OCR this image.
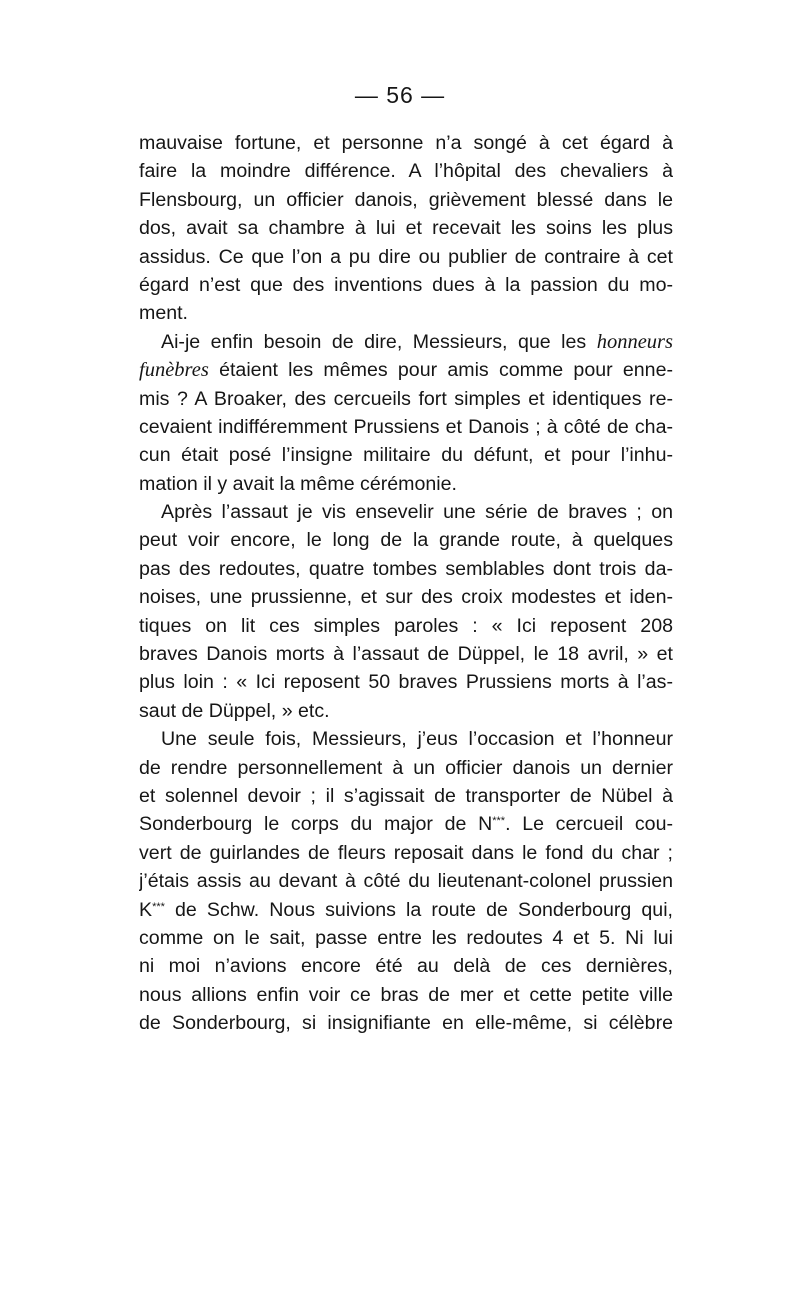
— 56 —
mauvaise fortune, et personne n’a songé à cet égard à
faire la moindre différence. A l’hôpital des chevaliers à
Flensbourg, un officier danois, grièvement blessé dans le
dos, avait sa chambre à lui et recevait les soins les plus
assidus. Ce que l’on a pu dire ou publier de contraire à cet
égard n’est que des inventions dues à la passion du mo-
ment.
Ai-je enfin besoin de dire, Messieurs, que les honneurs
funèbres étaient les mêmes pour amis comme pour enne-
mis ? A Broaker, des cercueils fort simples et identiques re-
cevaient indifféremment Prussiens et Danois ; à côté de cha-
cun était posé l’insigne militaire du défunt, et pour l’inhu-
mation il y avait la même cérémonie.
Après l’assaut je vis ensevelir une série de braves ; on
peut voir encore, le long de la grande route, à quelques
pas des redoutes, quatre tombes semblables dont trois da-
noises, une prussienne, et sur des croix modestes et iden-
tiques on lit ces simples paroles : « Ici reposent 208
braves Danois morts à l’assaut de Düppel, le 18 avril, » et
plus loin : « Ici reposent 50 braves Prussiens morts à l’as-
saut de Düppel, » etc.
Une seule fois, Messieurs, j’eus l’occasion et l’honneur
de rendre personnellement à un officier danois un dernier
et solennel devoir ; il s’agissait de transporter de Nübel à
Sonderbourg le corps du major de N***. Le cercueil cou-
vert de guirlandes de fleurs reposait dans le fond du char ;
j’étais assis au devant à côté du lieutenant-colonel prussien
K*** de Schw. Nous suivions la route de Sonderbourg qui,
comme on le sait, passe entre les redoutes 4 et 5. Ni lui
ni moi n’avions encore été au delà de ces dernières,
nous allions enfin voir ce bras de mer et cette petite ville
de Sonderbourg, si insignifiante en elle-même, si célèbre
